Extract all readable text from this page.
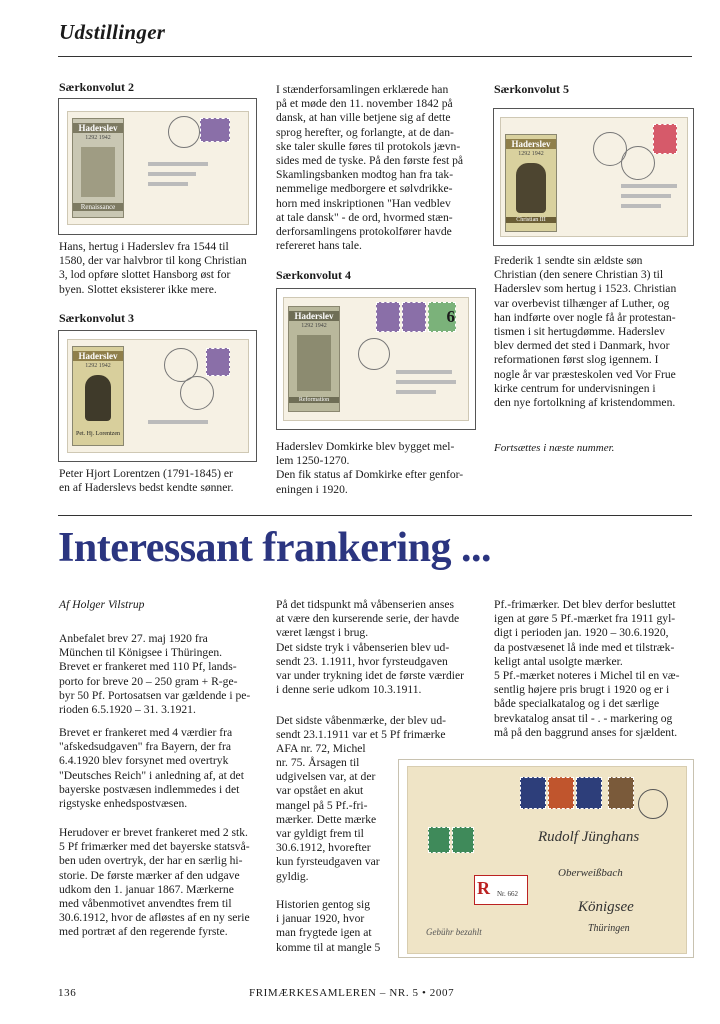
Udstillinger
Særkonvolut 2
Haderslev
1292 1942
Renaissance
Hans, hertug i Haderslev fra 1544 til
1580, der var halvbror til kong Christian
3, lod opføre slottet Hansborg øst for
byen. Slottet eksisterer ikke mere.
Særkonvolut 3
Haderslev
1292 1942
Pet. Hj. Lorentzen
Peter Hjort Lorentzen (1791-1845) er
en af Haderslevs bedst kendte sønner.
I stænderforsamlingen erklærede han
på et møde den 11. november 1842 på
dansk, at han ville betjene sig af dette
sprog herefter, og forlangte, at de dan-
ske taler skulle føres til protokols jævn-
sides med de tyske. På den første fest på
Skamlingsbanken modtog han fra tak-
nemmelige medborgere et sølvdrikke-
horn med inskriptionen "Han vedblev
at tale dansk" - de ord, hvormed stæn-
derforsamlingens protokolfører havde
refereret hans tale.
Særkonvolut 4
Haderslev
1292 1942
Reformation
6
Haderslev Domkirke blev bygget mel-
lem 1250-1270.
Den fik status af Domkirke efter genfor-
eningen i 1920.
Særkonvolut 5
Haderslev
1292 1942
Christian III
Frederik 1 sendte sin ældste søn
Christian (den senere Christian 3) til
Haderslev som hertug i 1523. Christian
var overbevist tilhænger af Luther, og
han indførte over nogle få år protestan-
tismen i sit hertugdømme. Haderslev
blev dermed det sted i Danmark, hvor
reformationen først slog igennem. I
nogle år var præsteskolen ved Vor Frue
kirke centrum for undervisningen i
den nye fortolkning af kristendommen.
Fortsættes i næste nummer.
Interessant frankering ...
Af Holger Vilstrup
Anbefalet brev 27. maj 1920 fra
München til Königsee i Thüringen.
Brevet er frankeret med 110 Pf, lands-
porto for breve 20 – 250 gram + R-ge-
byr 50 Pf. Portosatsen var gældende i pe-
rioden 6.5.1920 – 31. 3.1921.
Brevet er frankeret med 4 værdier fra
"afskedsudgaven" fra Bayern, der fra
6.4.1920 blev forsynet med overtryk
"Deutsches Reich" i anledning af, at det
bayerske postvæsen indlemmedes i det
rigstyske enhedspostvæsen.
Herudover er brevet frankeret med 2 stk.
5 Pf frimærker med det bayerske statsvå-
ben uden overtryk, der har en særlig hi-
storie. De første mærker af den udgave
udkom den 1. januar 1867. Mærkerne
med våbenmotivet anvendtes frem til
30.6.1912, hvor de afløstes af en ny serie
med portræt af den regerende fyrste.
På det tidspunkt må våbenserien anses
at være den kurserende serie, der havde
været længst i brug.
Det sidste tryk i våbenserien blev ud-
sendt 23. 1.1911, hvor fyrsteudgaven
var under trykning idet de første værdier
i denne serie udkom 10.3.1911.
Det sidste våbenmærke, der blev ud-
sendt 23.1.1911 var et 5 Pf frimærke
AFA nr. 72, Michel
nr. 75. Årsagen til
udgivelsen var, at der
var opstået en akut
mangel på 5 Pf.-fri-
mærker. Dette mærke
var gyldigt frem til
30.6.1912, hvorefter
kun fyrsteudgaven var
gyldig.
Historien gentog sig
i januar 1920, hvor
man frygtede igen at
komme til at mangle 5
Pf.-frimærker. Det blev derfor besluttet
igen at gøre 5 Pf.-mærket fra 1911 gyl-
digt i perioden jan. 1920 – 30.6.1920,
da postvæsenet lå inde med et tilstræk-
keligt antal usolgte mærker.
5 Pf.-mærket noteres i Michel til en væ-
sentlig højere pris brugt i 1920 og er i
både specialkatalog og i det særlige
brevkatalog ansat til - . - markering og
må på den baggrund anses for sjældent.
R Nr. 662
Rudolf Jünghans
Oberweißbach
Königsee
Thüringen
Gebühr bezahlt
136	FRIMÆRKESAMLEREN – NR. 5 • 2007
